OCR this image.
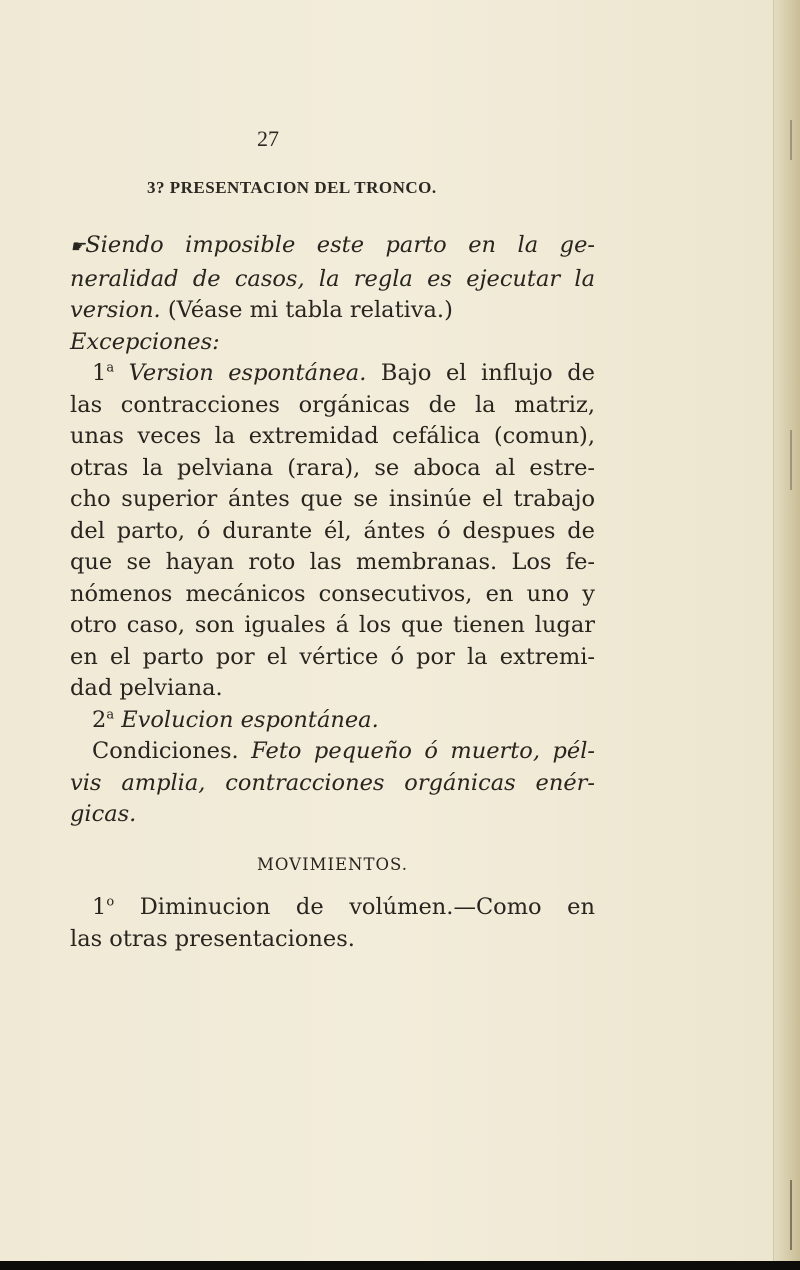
27
3? PRESENTACION DEL TRONCO.
☛Siendo imposible este parto en la ge-
neralidad de casos, la regla es ejecutar la
version. (Véase mi tabla relativa.)
Excepciones:
1$^a$ Version espontánea. Bajo el influjo de
las contracciones orgánicas de la matriz,
unas veces la extremidad cefálica (comun),
otras la pelviana (rara), se aboca al estre-
cho superior ántes que se insinúe el trabajo
del parto, ó durante él, ántes ó despues de
que se hayan roto las membranas. Los fe-
nómenos mecánicos consecutivos, en uno y
otro caso, son iguales á los que tienen lugar
en el parto por el vértice ó por la extremi-
dad pelviana.
2$^a$ Evolucion espontánea.
Condiciones. Feto pequeño ó muerto, pél-
vis amplia, contracciones orgánicas enér-
gicas.
MOVIMIENTOS.
1$^o$ Diminucion de volúmen.—Como en
las otras presentaciones.
